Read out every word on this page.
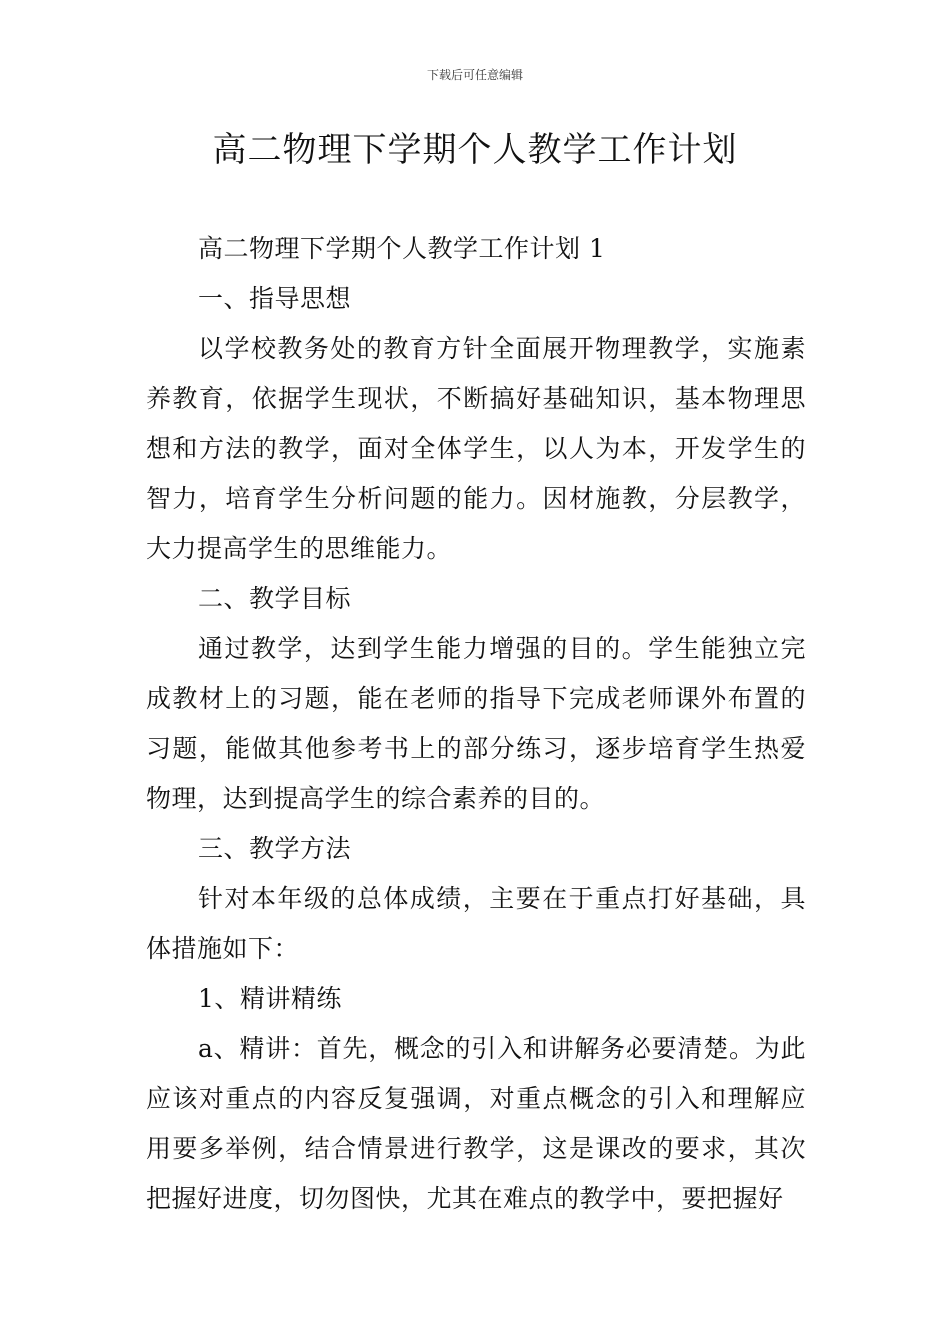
下载后可任意编辑
高二物理下学期个人教学工作计划

高二物理下学期个人教学工作计划 1

一、指导思想

以学校教务处的教育方针全面展开物理教学，实施素养教育，依据学生现状，不断搞好基础知识，基本物理思想和方法的教学，面对全体学生，以人为本，开发学生的智力，培育学生分析问题的能力。因材施教，分层教学，大力提高学生的思维能力。

二、教学目标

通过教学，达到学生能力增强的目的。学生能独立完成教材上的习题，能在老师的指导下完成老师课外布置的习题，能做其他参考书上的部分练习，逐步培育学生热爱物理，达到提高学生的综合素养的目的。

三、教学方法

针对本年级的总体成绩，主要在于重点打好基础，具体措施如下：

1、精讲精练

a、精讲：首先，概念的引入和讲解务必要清楚。为此应该对重点的内容反复强调，对重点概念的引入和理解应用要多举例，结合情景进行教学，这是课改的要求，其次把握好进度，切勿图快，尤其在难点的教学中，要把握好
